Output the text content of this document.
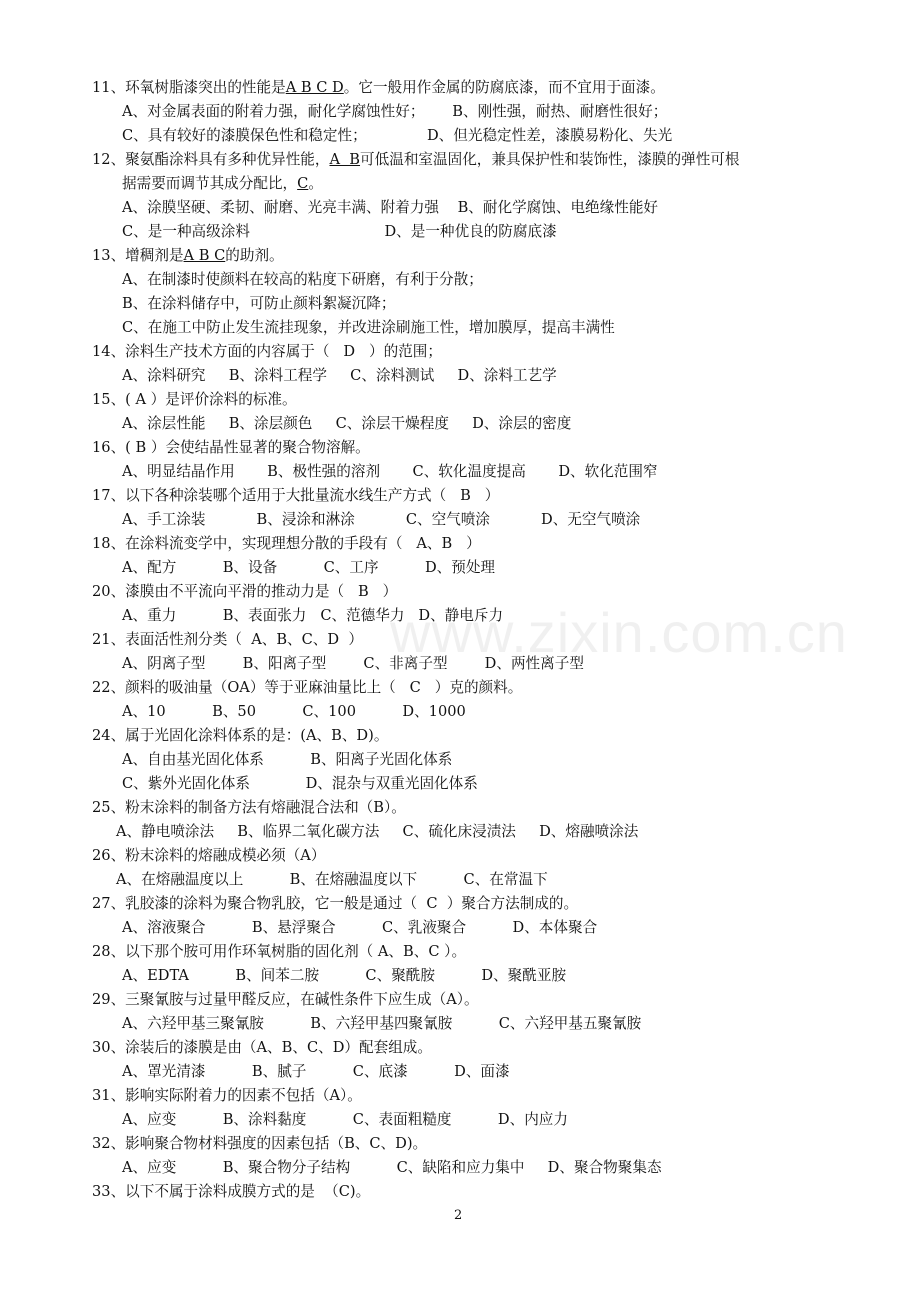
www.zixin.com.cn
11、环氧树脂漆突出的性能是A B C D。它一般用作金属的防腐底漆，而不宜用于面漆。
A、对金属表面的附着力强，耐化学腐蚀性好；      B、刚性强，耐热、耐磨性很好；
C、具有较好的漆膜保色性和稳定性；             D、但光稳定性差，漆膜易粉化、失光
12、聚氨酯涂料具有多种优异性能，A  B可低温和室温固化，兼具保护性和装饰性，漆膜的弹性可根
据需要而调节其成分配比，C。
A、涂膜坚硬、柔韧、耐磨、光亮丰满、附着力强    B、耐化学腐蚀、电绝缘性能好
C、是一种高级涂料                             D、是一种优良的防腐底漆
13、增稠剂是A B C的助剂。
A、在制漆时使颜料在较高的粘度下研磨，有利于分散；
B、在涂料储存中，可防止颜料絮凝沉降；
C、在施工中防止发生流挂现象，并改进涂刷施工性，增加膜厚，提高丰满性
14、涂料生产技术方面的内容属于（   D   ）的范围；
A、涂料研究     B、涂料工程学     C、涂料测试     D、涂料工艺学
15、( A ）是评价涂料的标准。
A、涂层性能     B、涂层颜色     C、涂层干燥程度     D、涂层的密度
16、( B ）会使结晶性显著的聚合物溶解。
A、明显结晶作用       B、极性强的溶剂       C、软化温度提高       D、软化范围窄
17、以下各种涂装哪个适用于大批量流水线生产方式（   B   ）
A、手工涂装           B、浸涂和淋涂           C、空气喷涂           D、无空气喷涂
18、在涂料流变学中，实现理想分散的手段有（   A、B   ）
A、配方          B、设备          C、工序          D、预处理
20、漆膜由不平流向平滑的推动力是（   B   ）
A、重力          B、表面张力   C、范德华力   D、静电斥力
21、表面活性剂分类（  A、B、C、D  ）
A、阴离子型        B、阳离子型        C、非离子型        D、两性离子型
22、颜料的吸油量（OA）等于亚麻油量比上（   C   ）克的颜料。
A、10          B、50          C、100          D、1000
24、属于光固化涂料体系的是：(A、B、D)。
A、自由基光固化体系          B、阳离子光固化体系
C、紫外光固化体系            D、混杂与双重光固化体系
25、粉末涂料的制备方法有熔融混合法和（B）。
A、静电喷涂法     B、临界二氧化碳方法     C、硫化床浸渍法     D、熔融喷涂法
26、粉末涂料的熔融成模必须（A）
A、在熔融温度以上          B、在熔融温度以下          C、在常温下
27、乳胶漆的涂料为聚合物乳胶，它一般是通过（  C  ）聚合方法制成的。
A、溶液聚合          B、悬浮聚合          C、乳液聚合          D、本体聚合
28、以下那个胺可用作环氧树脂的固化剂（ A、B、C ）。
A、EDTA          B、间苯二胺          C、聚酰胺          D、聚酰亚胺
29、三聚氰胺与过量甲醛反应，在碱性条件下应生成（A）。
A、六羟甲基三聚氰胺          B、六羟甲基四聚氰胺          C、六羟甲基五聚氰胺
30、涂装后的漆膜是由（A、B、C、D）配套组成。
A、罩光清漆          B、腻子          C、底漆          D、面漆
31、影响实际附着力的因素不包括（A）。
A、应变          B、涂料黏度          C、表面粗糙度          D、内应力
32、影响聚合物材料强度的因素包括（B、C、D)。
A、应变          B、聚合物分子结构          C、缺陷和应力集中     D、聚合物聚集态
33、以下不属于涂料成膜方式的是  （C)。
2
